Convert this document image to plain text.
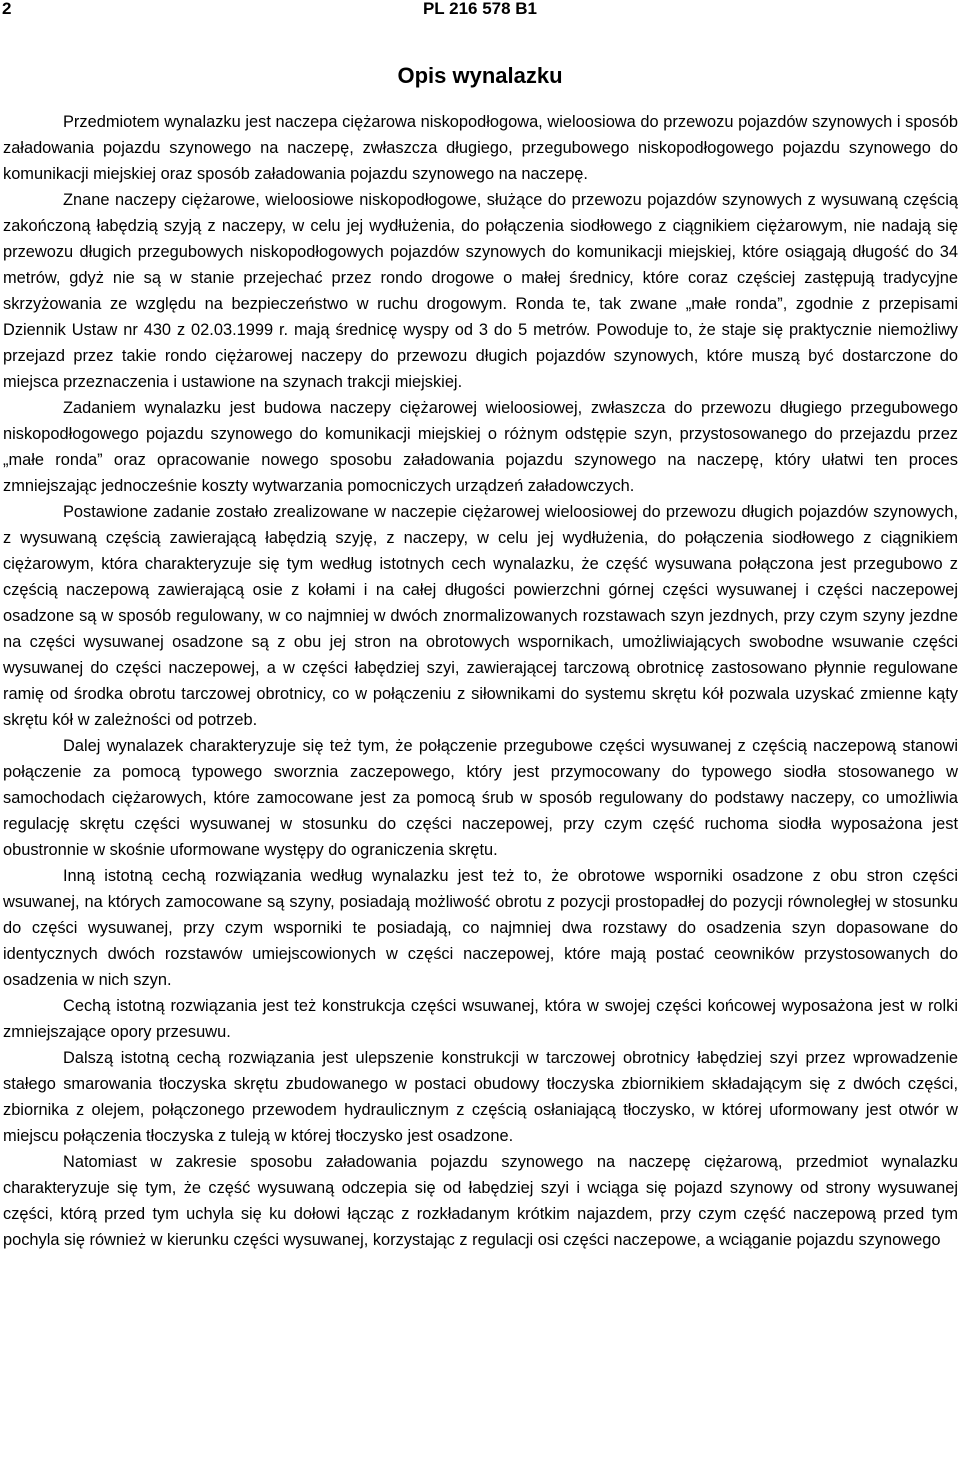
2	PL 216 578 B1
Opis wynalazku

Przedmiotem wynalazku jest naczepa ciężarowa niskopodłogowa, wieloosiowa do przewozu pojazdów szynowych i sposób załadowania pojazdu szynowego na naczepę, zwłaszcza długiego, przegubowego niskopodłogowego pojazdu szynowego do komunikacji miejskiej oraz sposób załadowania pojazdu szynowego na naczepę.

Znane naczepy ciężarowe, wieloosiowe niskopodłogowe, służące do przewozu pojazdów szynowych z wysuwaną częścią zakończoną łabędzią szyją z naczepy, w celu jej wydłużenia, do połączenia siodłowego z ciągnikiem ciężarowym, nie nadają się przewozu długich przegubowych niskopodłogowych pojazdów szynowych do komunikacji miejskiej, które osiągają długość do 34 metrów, gdyż nie są w stanie przejechać przez rondo drogowe o małej średnicy, które coraz częściej zastępują tradycyjne skrzyżowania ze względu na bezpieczeństwo w ruchu drogowym. Ronda te, tak zwane „małe ronda”, zgodnie z przepisami Dziennik Ustaw nr 430 z 02.03.1999 r. mają średnicę wyspy od 3 do 5 metrów. Powoduje to, że staje się praktycznie niemożliwy przejazd przez takie rondo ciężarowej naczepy do przewozu długich pojazdów szynowych, które muszą być dostarczone do miejsca przeznaczenia i ustawione na szynach trakcji miejskiej.

Zadaniem wynalazku jest budowa naczepy ciężarowej wieloosiowej, zwłaszcza do przewozu długiego przegubowego niskopodłogowego pojazdu szynowego do komunikacji miejskiej o różnym odstępie szyn, przystosowanego do przejazdu przez „małe ronda” oraz opracowanie nowego sposobu załadowania pojazdu szynowego na naczepę, który ułatwi ten proces zmniejszając jednocześnie koszty wytwarzania pomocniczych urządzeń załadowczych.

Postawione zadanie zostało zrealizowane w naczepie ciężarowej wieloosiowej do przewozu długich pojazdów szynowych, z wysuwaną częścią zawierającą łabędzią szyję, z naczepy, w celu jej wydłużenia, do połączenia siodłowego z ciągnikiem ciężarowym, która charakteryzuje się tym według istotnych cech wynalazku, że część wysuwana połączona jest przegubowo z częścią naczepową zawierającą osie z kołami i na całej długości powierzchni górnej części wysuwanej i części naczepowej osadzone są w sposób regulowany, w co najmniej w dwóch znormalizowanych rozstawach szyn jezdnych, przy czym szyny jezdne na części wysuwanej osadzone są z obu jej stron na obrotowych wspornikach, umożliwiających swobodne wsuwanie części wysuwanej do części naczepowej, a w części łabędziej szyi, zawierającej tarczową obrotnicę zastosowano płynnie regulowane ramię od środka obrotu tarczowej obrotnicy, co w połączeniu z siłownikami do systemu skrętu kół pozwala uzyskać zmienne kąty skrętu kół w zależności od potrzeb.

Dalej wynalazek charakteryzuje się też tym, że połączenie przegubowe części wysuwanej z częścią naczepową stanowi połączenie za pomocą typowego sworznia zaczepowego, który jest przymocowany do typowego siodła stosowanego w samochodach ciężarowych, które zamocowane jest za pomocą śrub w sposób regulowany do podstawy naczepy, co umożliwia regulację skrętu części wysuwanej w stosunku do części naczepowej, przy czym część ruchoma siodła wyposażona jest obustronnie w skośnie uformowane występy do ograniczenia skrętu.

Inną istotną cechą rozwiązania według wynalazku jest też to, że obrotowe wsporniki osadzone z obu stron części wsuwanej, na których zamocowane są szyny, posiadają możliwość obrotu z pozycji prostopadłej do pozycji równoległej w stosunku do części wysuwanej, przy czym wsporniki te posiadają, co najmniej dwa rozstawy do osadzenia szyn dopasowane do identycznych dwóch rozstawów umiejscowionych w części naczepowej, które mają postać ceowników przystosowanych do osadzenia w nich szyn.

Cechą istotną rozwiązania jest też konstrukcja części wsuwanej, która w swojej części końcowej wyposażona jest w rolki zmniejszające opory przesuwu.

Dalszą istotną cechą rozwiązania jest ulepszenie konstrukcji w tarczowej obrotnicy łabędziej szyi przez wprowadzenie stałego smarowania tłoczyska skrętu zbudowanego w postaci obudowy tłoczyska zbiornikiem składającym się z dwóch części, zbiornika z olejem, połączonego przewodem hydraulicznym z częścią osłaniającą tłoczysko, w której uformowany jest otwór w miejscu połączenia tłoczyska z tuleją w której tłoczysko jest osadzone.

Natomiast w zakresie sposobu załadowania pojazdu szynowego na naczepę ciężarową, przedmiot wynalazku charakteryzuje się tym, że część wysuwaną odczepia się od łabędziej szyi i wciąga się pojazd szynowy od strony wysuwanej części, którą przed tym uchyla się ku dołowi łącząc z rozkładanym krótkim najazdem, przy czym część naczepową przed tym pochyla się również w kierunku części wysuwanej, korzystając z regulacji osi części naczepowe, a wciąganie pojazdu szynowego
